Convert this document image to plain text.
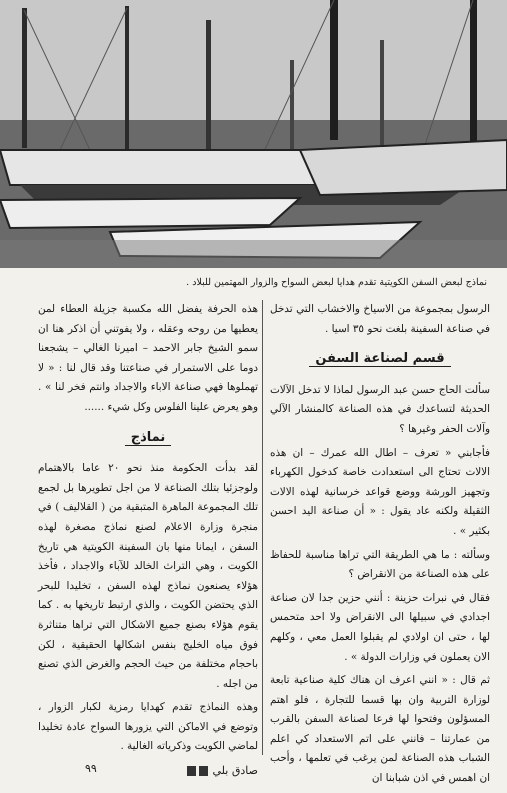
نماذج لبعض السفن الكويتية تقدم هدايا لبعض السواح والزوار المهتمين للبلاد .

الرسول بمجموعة من الاسياخ والاخشاب التي تدخل في صناعة السفينة بلغت نحو ٣٥ اسيا .

قسم لصناعة السفن

سألت الحاج حسن عبد الرسول لماذا لا تدخل الآلات الحديثة لتساعدك في هذه الصناعة كالمنشار الآلي وآلات الحفر وغيرها ؟

فأجابني « تعرف – اطال الله عمرك – ان هذه الالات تحتاج الى استعدادت خاصة كدخول الكهرباء وتجهيز الورشة ووضع قواعد خرسانية لهذه الالات الثقيلة ولكنه عاد يقول : « أن صناعة اليد احسن بكثير » .

وسألته : ما هي الطريقة التي تراها مناسبة للحفاظ على هذه الصناعة من الانقراض ؟

فقال في نبرات حزينة : أنني حزين جدا لان صناعة اجدادي في سبيلها الى الانقراض ولا احد متحمس لها ، حتى ان اولادي لم يقبلوا العمل معي ، وكلهم الان يعملون في وزارات الدولة » .

ثم قال : « انني اعرف ان هناك كلية صناعية تابعة لوزارة التربية وان بها قسما للتجارة ، فلو اهتم المسؤلون وفتحوا لها فرعا لصناعة السفن بالقرب من عمارتنا – فانني على اتم الاستعداد كي اعلم الشباب هذه الصناعة لمن يرغب في تعلمها ، وأحب ان اهمس في اذن شبابنا ان

هذه الحرفة يفضل الله مكسبة جزيلة العطاء لمن يعطيها من روحه وعقله ، ولا يفوتني أن اذكر هنا ان سمو الشيخ جابر الاحمد – اميرنا الغالي – يشجعنا دوما على الاستمرار في صناعتنا وقد قال لنا : « لا تهملوها فهي صناعة الاباء والاجداد وانتم فخر لنا » . وهو يعرض علينا الفلوس وكل شيء ......

نماذج

لقد بدأت الحكومة منذ نحو ٢٠ عاما بالاهتمام ولوجزئيا بتلك الصناعة لا من اجل تطويرها بل لجمع تلك المجموعة الماهرة المتبقية من ( القلاليف ) في منجرة وزارة الاعلام لصنع نماذج مصغرة لهذه السفن ، ايمانا منها بان السفينة الكويتية هي تاريخ الكويت ، وهي التراث الخالد للآباء والاجداد ، فأخذ هؤلاء يصنعون نماذج لهذه السفن ، تخليدا للبحر الذي يحتضن الكويت ، والذي ارتبط تاريخها به . كما يقوم هؤلاء بصنع جميع الاشكال التي تراها متناثرة فوق مياه الخليج بنفس اشكالها الحقيقية ، لكن باحجام مختلفة من حيث الحجم والغرض الذي تصنع من اجله .

وهذه النماذج تقدم كهدايا رمزية لكبار الزوار ، وتوضع في الاماكن التي يزورها السواح عادة تخليدا لماضي الكويت وذكرياته الغالية .

صادق بلي
٩٩
